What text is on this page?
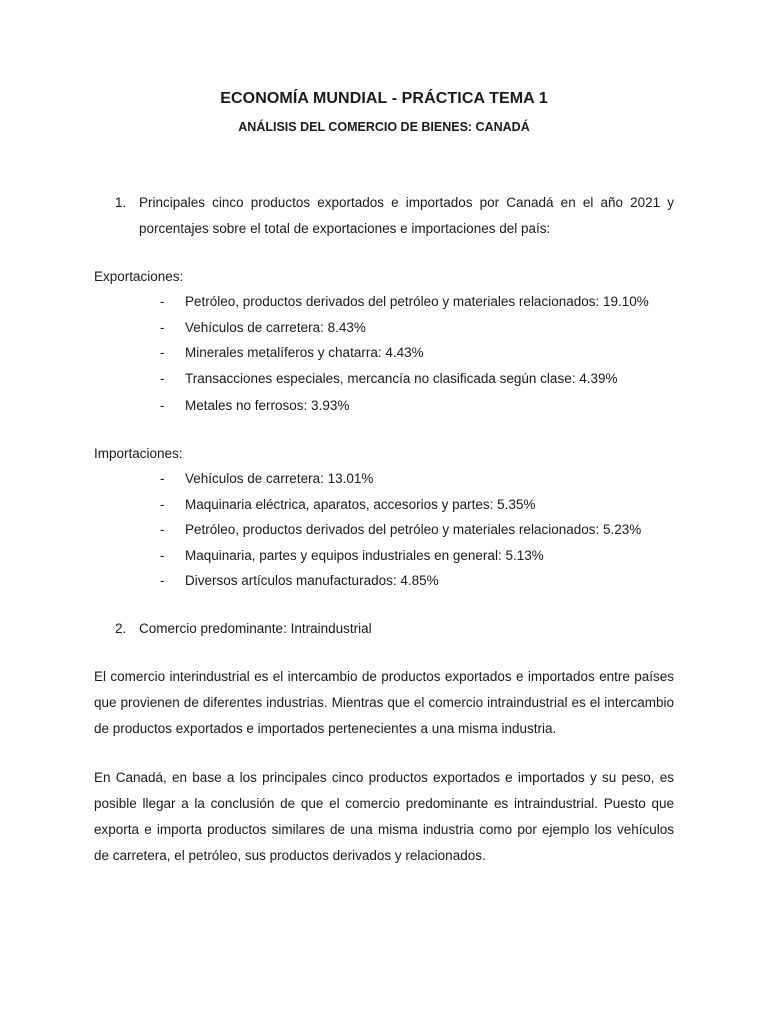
ECONOMÍA MUNDIAL - PRÁCTICA TEMA 1
ANÁLISIS DEL COMERCIO DE BIENES: CANADÁ
1. Principales cinco productos exportados e importados por Canadá en el año 2021 y porcentajes sobre el total de exportaciones e importaciones del país:
Exportaciones:
- Petróleo, productos derivados del petróleo y materiales relacionados: 19.10%
- Vehículos de carretera: 8.43%
- Minerales metalíferos y chatarra: 4.43%
- Transacciones especiales, mercancía no clasificada según clase: 4.39%
- Metales no ferrosos: 3.93%
Importaciones:
- Vehículos de carretera: 13.01%
- Maquinaria eléctrica, aparatos, accesorios y partes: 5.35%
- Petróleo, productos derivados del petróleo y materiales relacionados: 5.23%
- Maquinaria, partes y equipos industriales en general: 5.13%
- Diversos artículos manufacturados: 4.85%
2. Comercio predominante: Intraindustrial
El comercio interindustrial es el intercambio de productos exportados e importados entre países que provienen de diferentes industrias. Mientras que el comercio intraindustrial es el intercambio de productos exportados e importados pertenecientes a una misma industria.
En Canadá, en base a los principales cinco productos exportados e importados y su peso, es posible llegar a la conclusión de que el comercio predominante es intraindustrial. Puesto que exporta e importa productos similares de una misma industria como por ejemplo los vehículos de carretera, el petróleo, sus productos derivados y relacionados.
